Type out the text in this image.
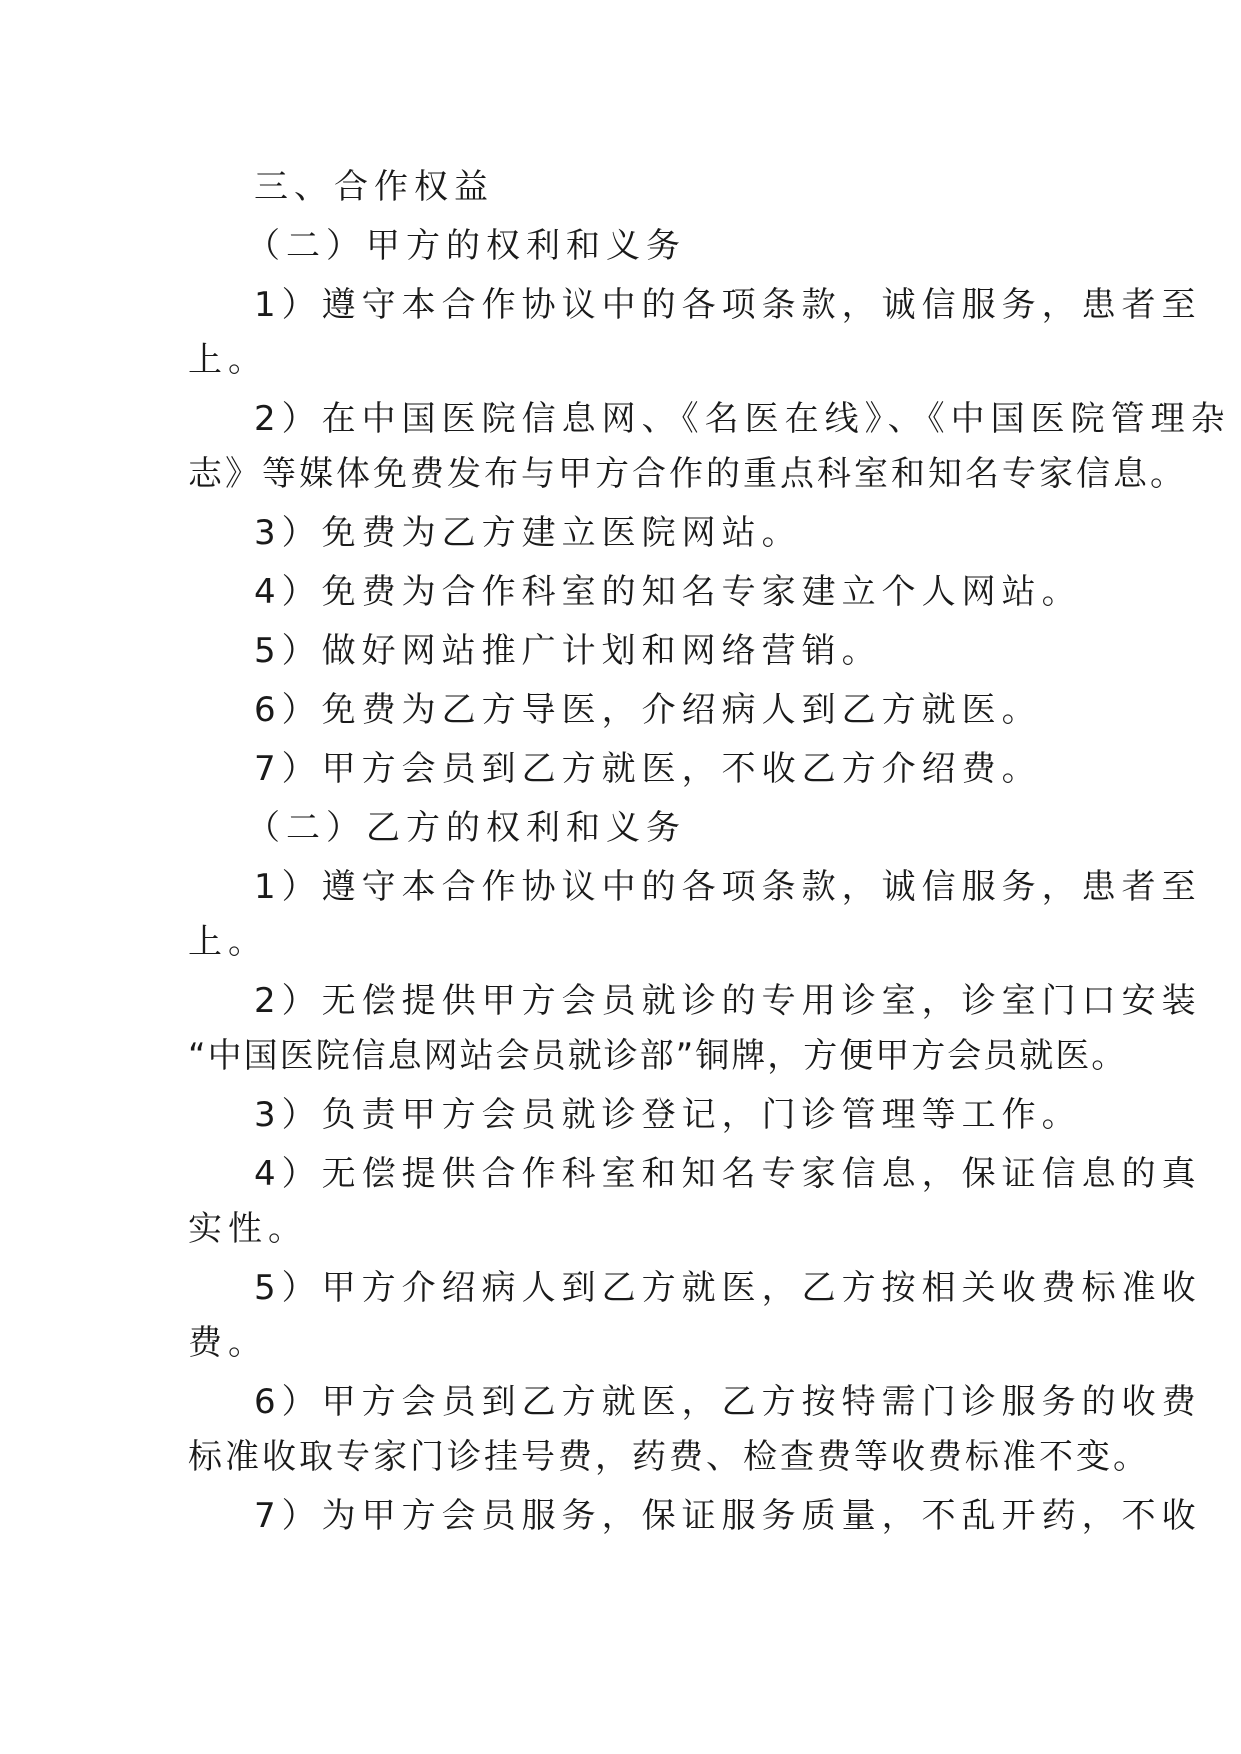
三、合作权益
（二）甲方的权利和义务
1）遵守本合作协议中的各项条款，诚信服务，患者至
上。
2）在中国医院信息网、《名医在线》、《中国医院管理杂
志》等媒体免费发布与甲方合作的重点科室和知名专家信息。
3）免费为乙方建立医院网站。
4）免费为合作科室的知名专家建立个人网站。
5）做好网站推广计划和网络营销。
6）免费为乙方导医，介绍病人到乙方就医。
7）甲方会员到乙方就医，不收乙方介绍费。
（二）乙方的权利和义务
1）遵守本合作协议中的各项条款，诚信服务，患者至
上。
2）无偿提供甲方会员就诊的专用诊室，诊室门口安装
“中国医院信息网站会员就诊部”铜牌，方便甲方会员就医。
3）负责甲方会员就诊登记，门诊管理等工作。
4）无偿提供合作科室和知名专家信息，保证信息的真
实性。
5）甲方介绍病人到乙方就医，乙方按相关收费标准收
费。
6）甲方会员到乙方就医，乙方按特需门诊服务的收费
标准收取专家门诊挂号费，药费、检查费等收费标准不变。
7）为甲方会员服务，保证服务质量，不乱开药，不收
